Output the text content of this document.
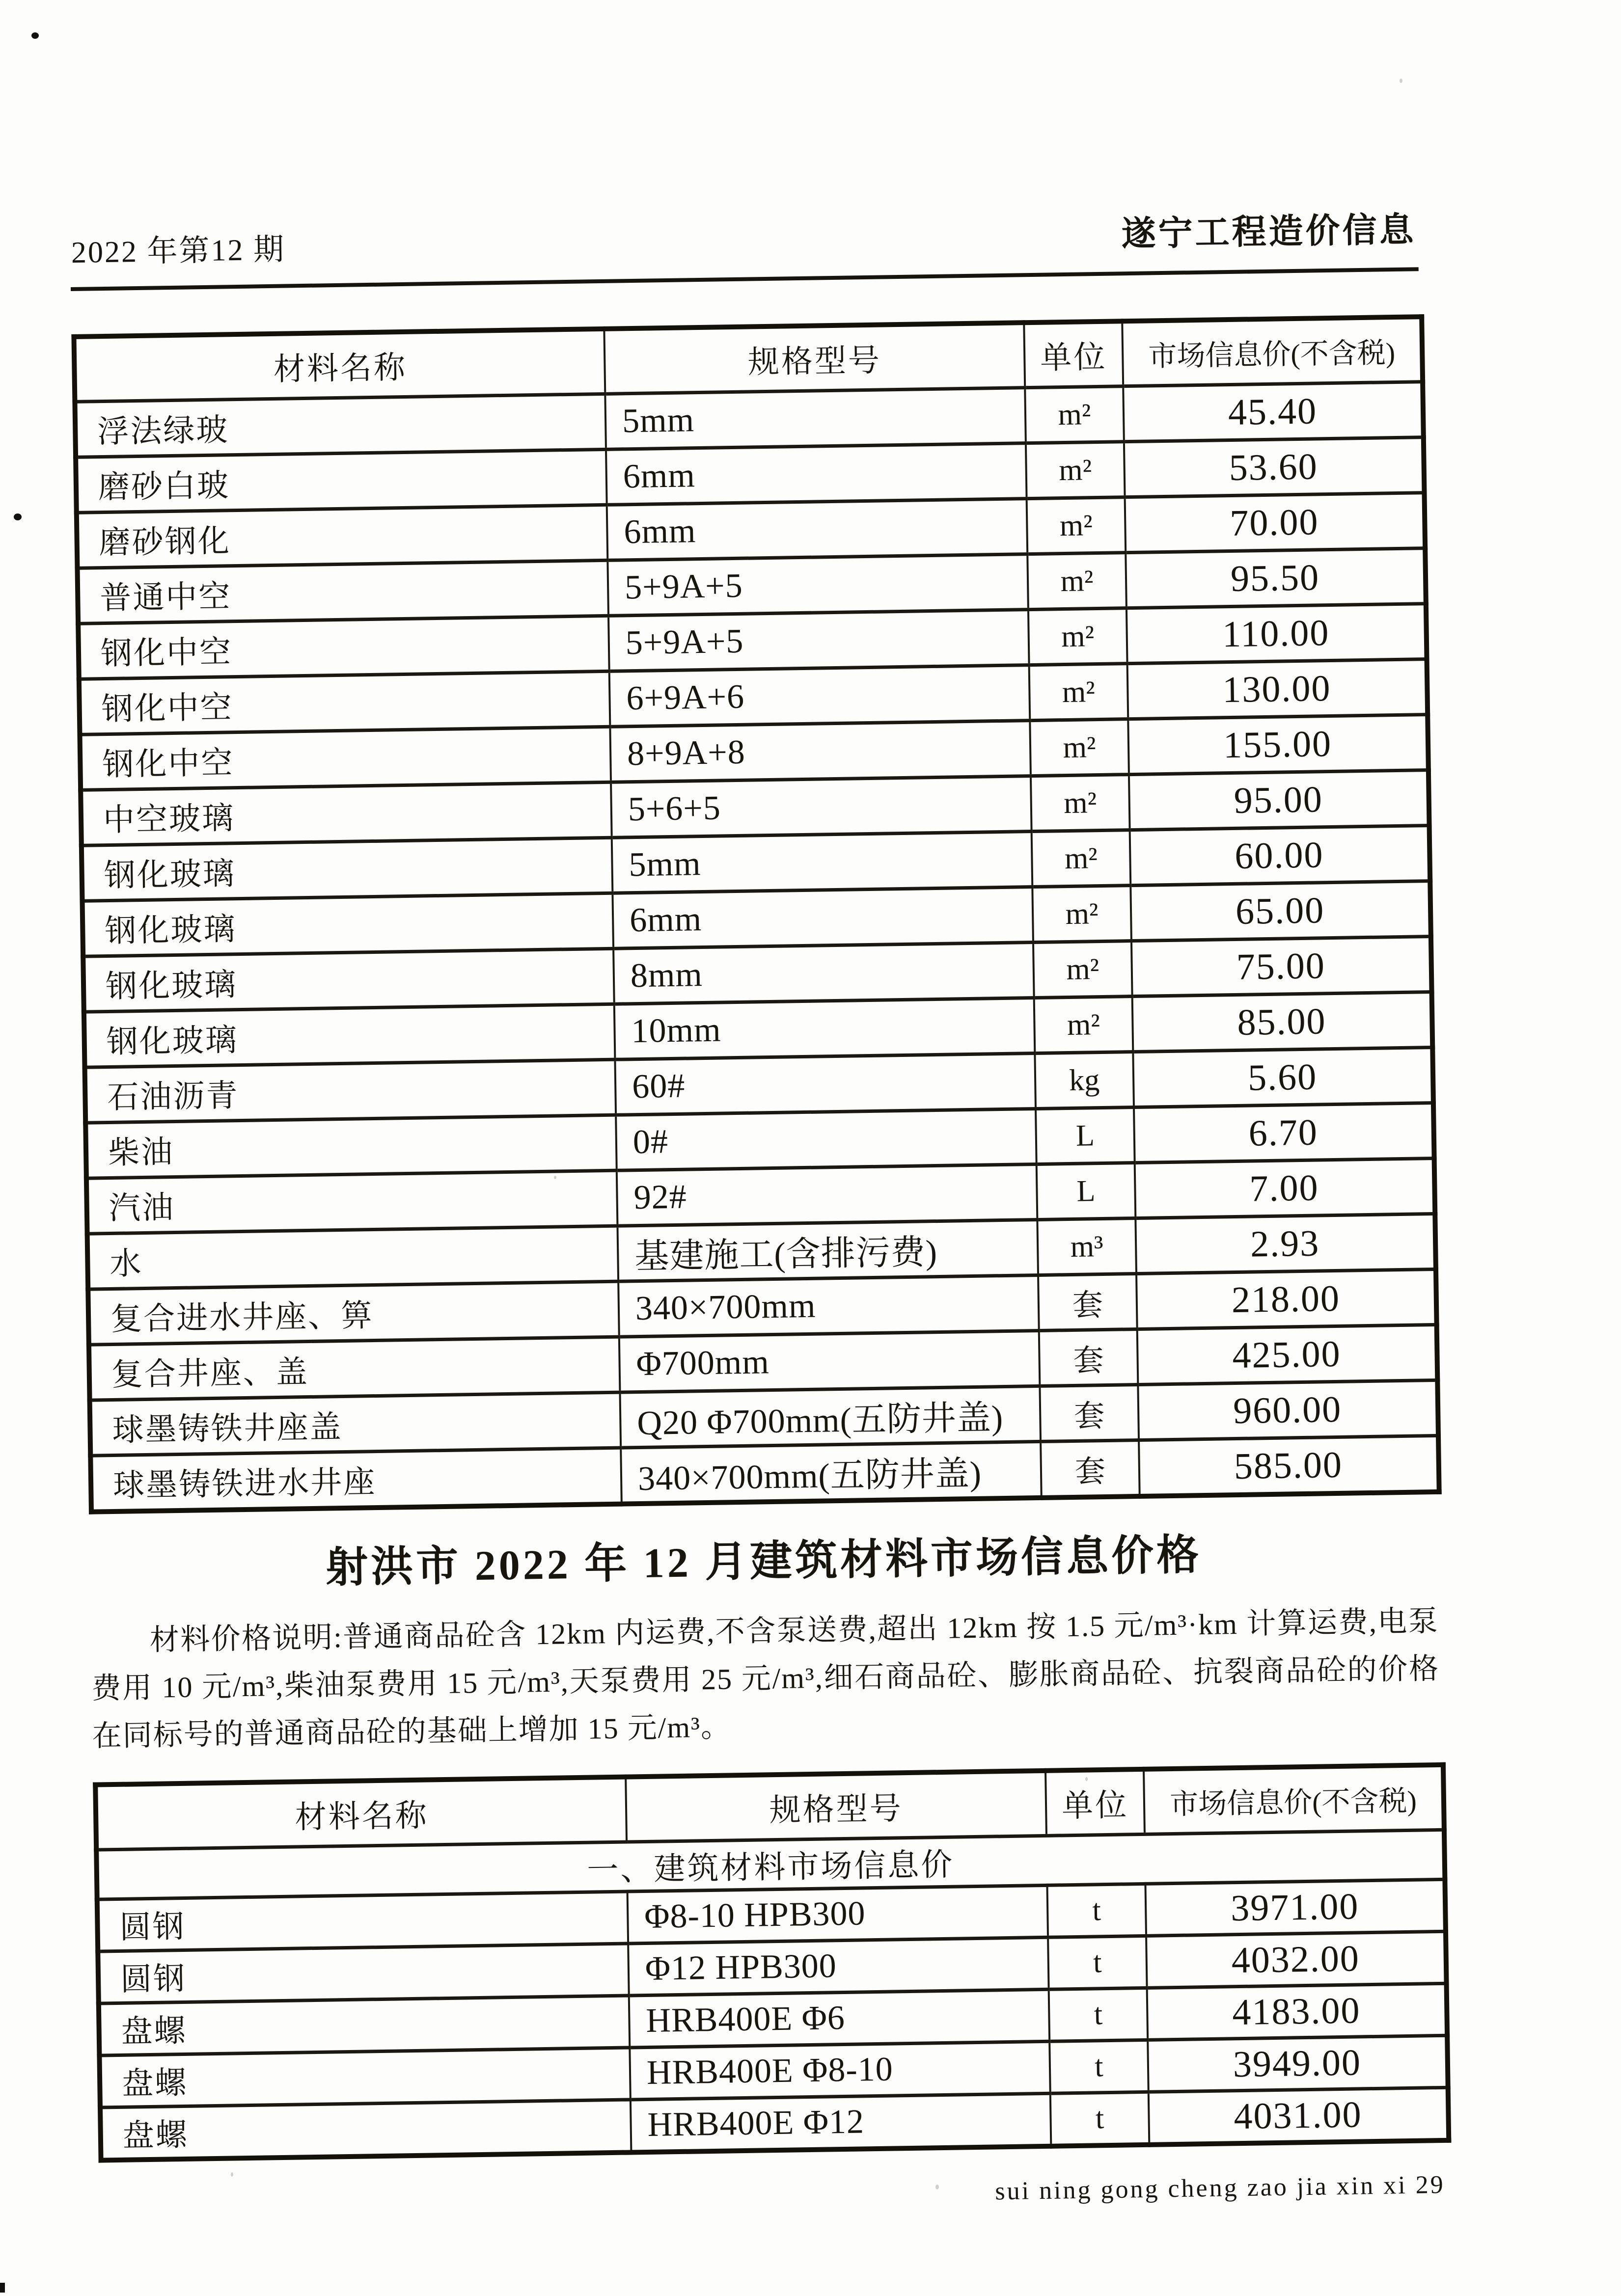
2022 年第12 期	遂宁工程造价信息
材料名称	规格型号	单位	市场信息价(不含税)
浮法绿玻	5mm	m²	45.40
磨砂白玻	6mm	m²	53.60
磨砂钢化	6mm	m²	70.00
普通中空	5+9A+5	m²	95.50
钢化中空	5+9A+5	m²	110.00
钢化中空	6+9A+6	m²	130.00
钢化中空	8+9A+8	m²	155.00
中空玻璃	5+6+5	m²	95.00
钢化玻璃	5mm	m²	60.00
钢化玻璃	6mm	m²	65.00
钢化玻璃	8mm	m²	75.00
钢化玻璃	10mm	m²	85.00
石油沥青	60#	kg	5.60
柴油	0#	L	6.70
汽油	92#	L	7.00
水	基建施工(含排污费)	m³	2.93
复合进水井座、箅	340×700mm	套	218.00
复合井座、盖	Φ700mm	套	425.00
球墨铸铁井座盖	Q20 Φ700mm(五防井盖)	套	960.00
球墨铸铁进水井座	340×700mm(五防井盖)	套	585.00
射洪市 2022 年 12 月建筑材料市场信息价格
材料价格说明:普通商品砼含 12km 内运费,不含泵送费,超出 12km 按 1.5 元/m³·km 计算运费,电泵费用 10 元/m³,柴油泵费用 15 元/m³,天泵费用 25 元/m³,细石商品砼、膨胀商品砼、抗裂商品砼的价格在同标号的普通商品砼的基础上增加 15 元/m³。
材料名称	规格型号	单位	市场信息价(不含税)
一、建筑材料市场信息价			
圆钢	Φ8-10 HPB300	t	3971.00
圆钢	Φ12 HPB300	t	4032.00
盘螺	HRB400E Φ6	t	4183.00
盘螺	HRB400E Φ8-10	t	3949.00
盘螺	HRB400E Φ12	t	4031.00
sui ning gong cheng zao jia xin xi 29
